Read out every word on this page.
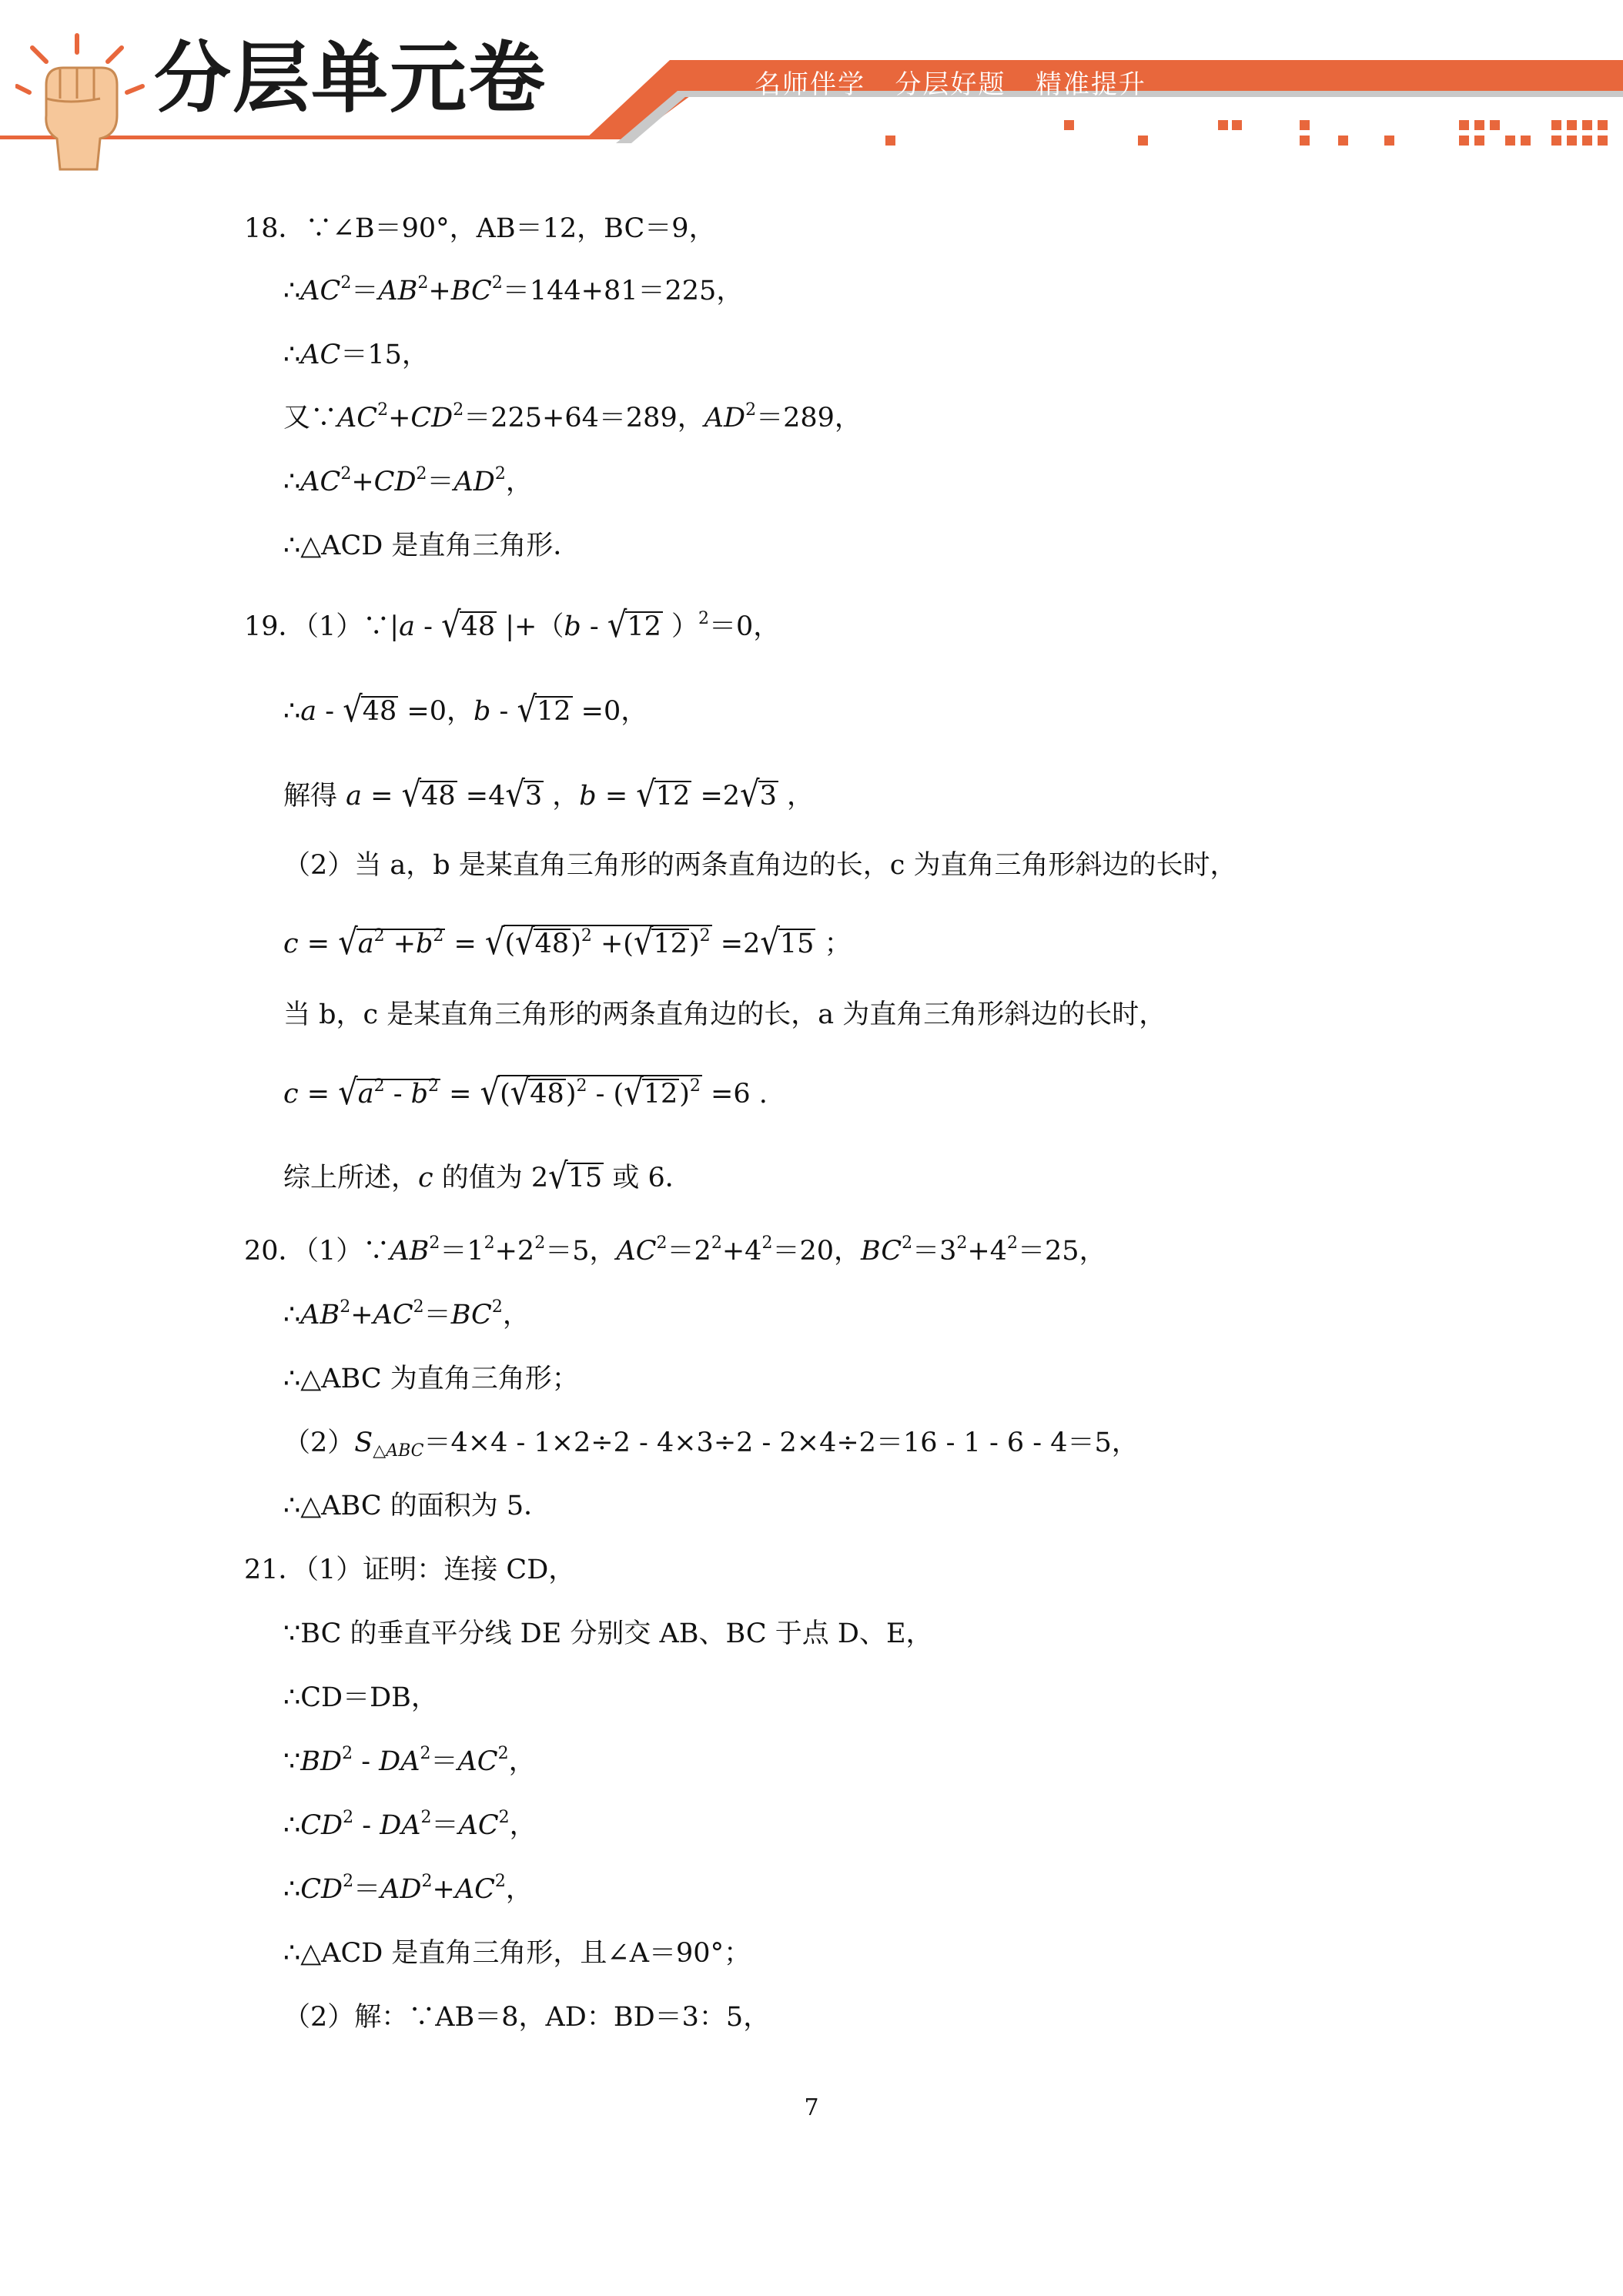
分层单元卷	名师伴学   分层好题   精准提升
18．∵∠B＝90°，AB＝12，BC＝9，
$\therefore AC^2=AB^2+BC^2=144+81=225$，
∴AC＝15，
又$\because AC^2+CD^2=225+64=289$，$AD^2=289$，
$\therefore AC^2+CD^2=AD^2$，
∴△ACD 是直角三角形．
19．（1）∵|a - √48 |+（b - √12 ）$^2$＝0，
∴a - √48 =0，b - √12 =0，
解得 a = √48 =4√3 ，b = √12 =2√3 ，
（2）当 a，b 是某直角三角形的两条直角边的长，c 为直角三角形斜边的长时，
$c = √a^2 +b^2 = √(√48)^2 +(√12)^2 =2√15$ ；
当 b，c 是某直角三角形的两条直角边的长，a 为直角三角形斜边的长时，
$c = √a^2 - b^2 = √(√48)^2 - (√12)^2 =6$ .
综上所述，c 的值为 2√15 或 6．
20．$(1)\because AB^2=1^2+2^2=5$，$AC^2=2^2+4^2=20$，$BC^2=3^2+4^2=25$，
$\therefore AB^2+AC^2=BC^2$，
∴△ABC 为直角三角形；
$(2)S_{\triangle ABC}=4\times 4 - 1\times 2\div 2 - 4\times 3\div 2 - 2\times 4\div 2=16 - 1 - 6 - 4=5$，
∴△ABC 的面积为 5．
21．（1）证明：连接 CD，
∵BC 的垂直平分线 DE 分别交 AB、BC 于点 D、E，
∴CD＝DB，
$\because BD^2 - DA^2=AC^2$，
$\therefore CD^2 - DA^2=AC^2$，
$\therefore CD^2=AD^2+AC^2$，
∴△ACD 是直角三角形，且∠A＝90°；
（2）解：∵AB＝8，AD：BD＝3：5，
7
